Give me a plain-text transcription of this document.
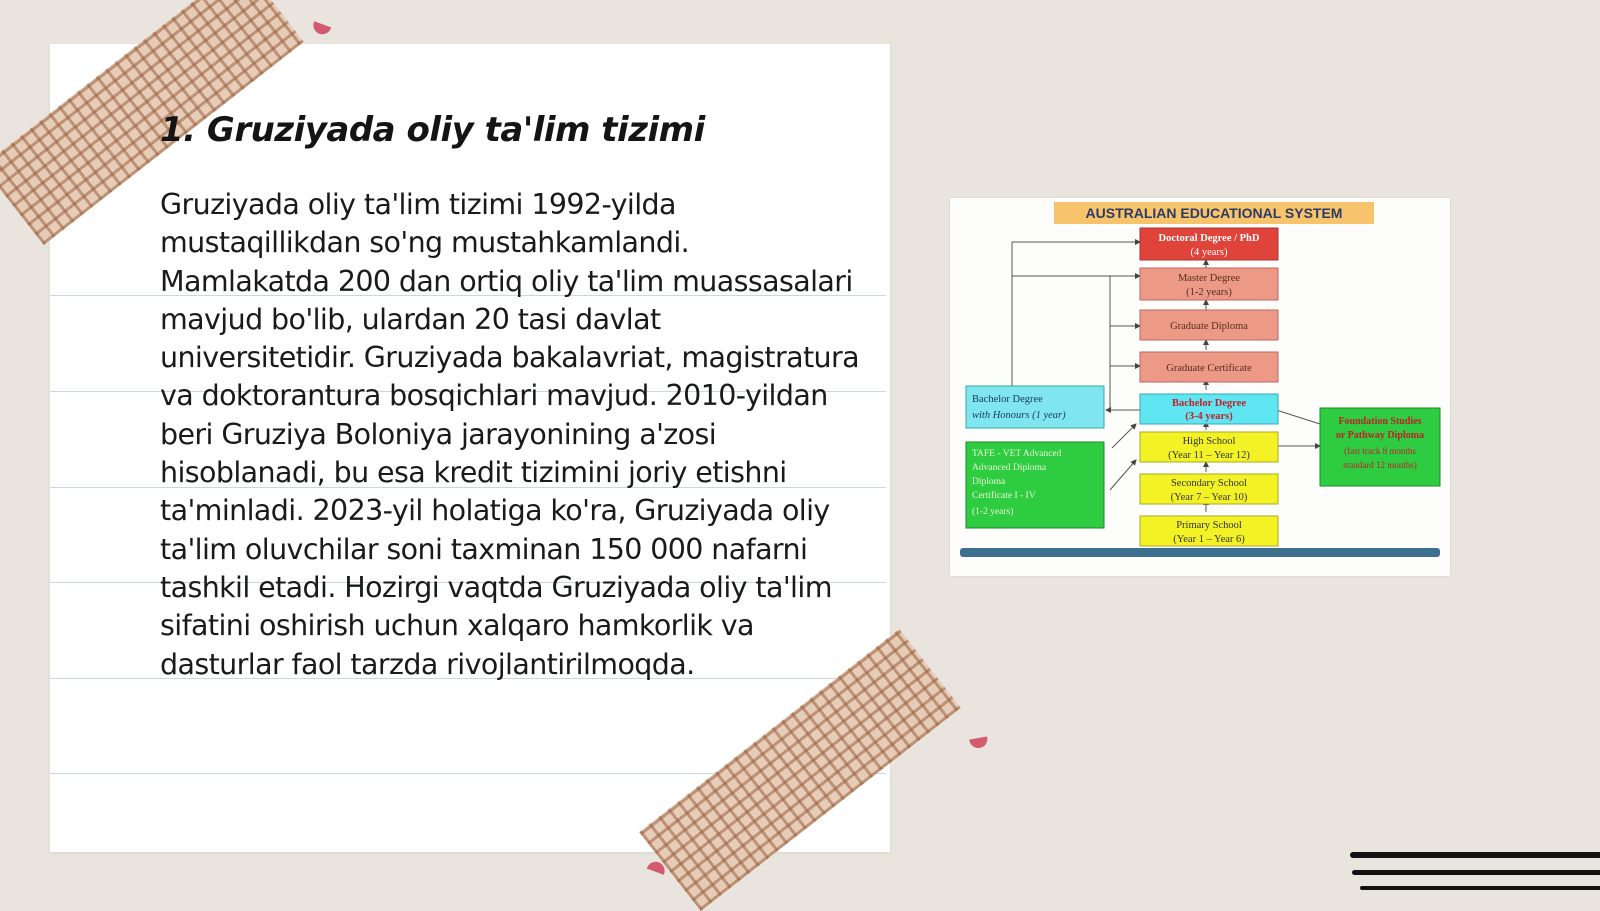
1. Gruziyada oliy ta'lim tizimi

Gruziyada oliy ta'lim tizimi 1992-yilda mustaqillikdan so'ng mustahkamlandi. Mamlakatda 200 dan ortiq oliy ta'lim muassasalari mavjud bo'lib, ulardan 20 tasi davlat universitetidir. Gruziyada bakalavriat, magistratura va doktorantura bosqichlari mavjud. 2010-yildan beri Gruziya Boloniya jarayonining a'zosi hisoblanadi, bu esa kredit tizimini joriy etishni ta'minladi. 2023-yil holatiga ko'ra, Gruziyada oliy ta'lim oluvchilar soni taxminan 150 000 nafarni tashkil etadi. Hozirgi vaqtda Gruziyada oliy ta'lim sifatini oshirish uchun xalqaro hamkorlik va dasturlar faol tarzda rivojlantirilmoqda.

AUSTRALIAN EDUCATIONAL SYSTEM
Doctoral Degree / PhD
(4 years)
Master Degree
(1-2 years)
Graduate Diploma
Graduate Certificate
Bachelor Degree
(3-4 years)
Bachelor Degree
with Honours (1 year)
TAFE - VET Advanced
Advanced Diploma
Diploma
Certificate I - IV
(1-2 years)
High School
(Year 11 – Year 12)
Secondary School
(Year 7 – Year 10)
Primary School
(Year 1 – Year 6)
Foundation Studies
or Pathway Diploma
(fast track 8 months
standard 12 months)
